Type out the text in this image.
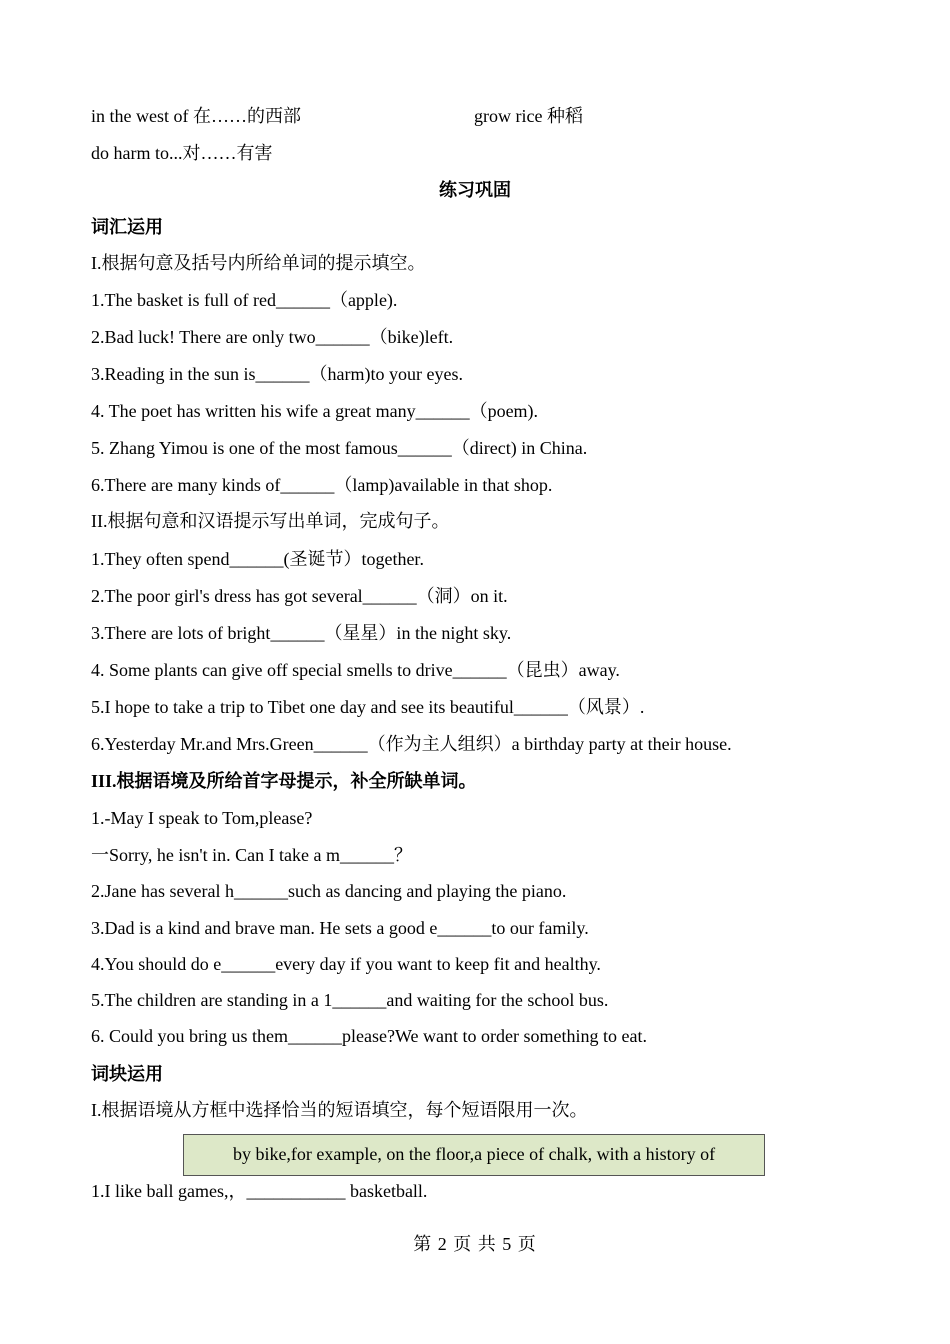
in the west of 在……的西部	grow rice 种稻
do harm to...对……有害
练习巩固
词汇运用
I.根据句意及括号内所给单词的提示填空。
1.The basket is full of red______（apple).
2.Bad luck! There are only two______（bike)left.
3.Reading in the sun is______（harm)to your eyes.
4. The poet has written his wife a great many______（poem).
5. Zhang Yimou is one of the most famous______（direct) in China.
6.There are many kinds of______（lamp)available in that shop.
II.根据句意和汉语提示写出单词，完成句子。
1.They often spend______(圣诞节）together.
2.The poor girl's dress has got several______（洞）on it.
3.There are lots of bright______（星星）in the night sky.
4. Some plants can give off special smells to drive______（昆虫）away.
5.I hope to take a trip to Tibet one day and see its beautiful______（风景）.
6.Yesterday Mr.and Mrs.Green______（作为主人组织）a birthday party at their house.
III.根据语境及所给首字母提示，补全所缺单词。
1.-May I speak to Tom,please?
一Sorry, he isn't in. Can I take a m______？
2.Jane has several h______such as dancing and playing the piano.
3.Dad is a kind and brave man. He sets a good e______to our family.
4.You should do e______every day if you want to keep fit and healthy.
5.The children are standing in a 1______and waiting for the school bus.
6. Could you bring us them______please?We want to order something to eat.
词块运用
I.根据语境从方框中选择恰当的短语填空，每个短语限用一次。
by bike,for example, on the floor,a piece of chalk, with a history of
1.I like ball games,，___________ basketball.
第 2 页 共 5 页
